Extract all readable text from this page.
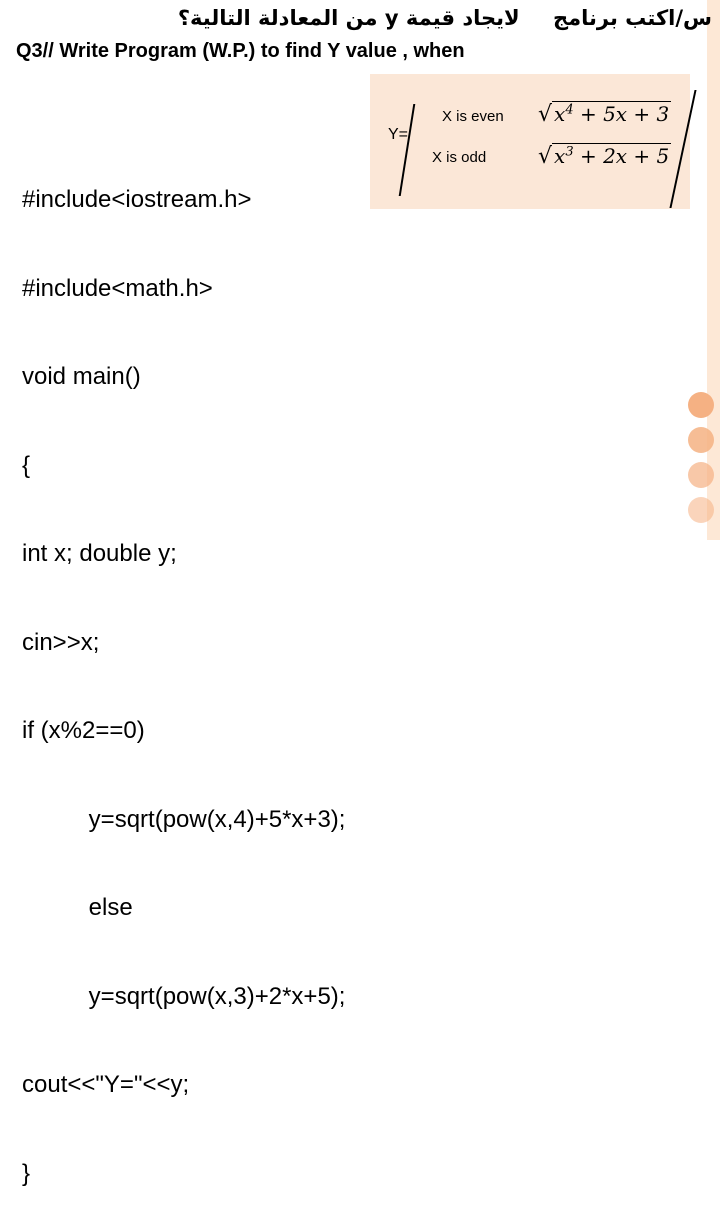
س/اكتب برنامج لايجاد قيمة y من المعادلة التالية؟
Q3// Write Program (W.P.) to find Y value , when
Y=
X is even √ $x^4 + 5x + 3$
X is odd √ $x^3 + 2x + 5$

#include<iostream.h>

#include<math.h>

void main()

{

int x; double y;

cin>>x;

if (x%2==0)

y=sqrt(pow(x,4)+5*x+3);

else

y=sqrt(pow(x,3)+2*x+5);

cout<<"Y="<<y;

}
